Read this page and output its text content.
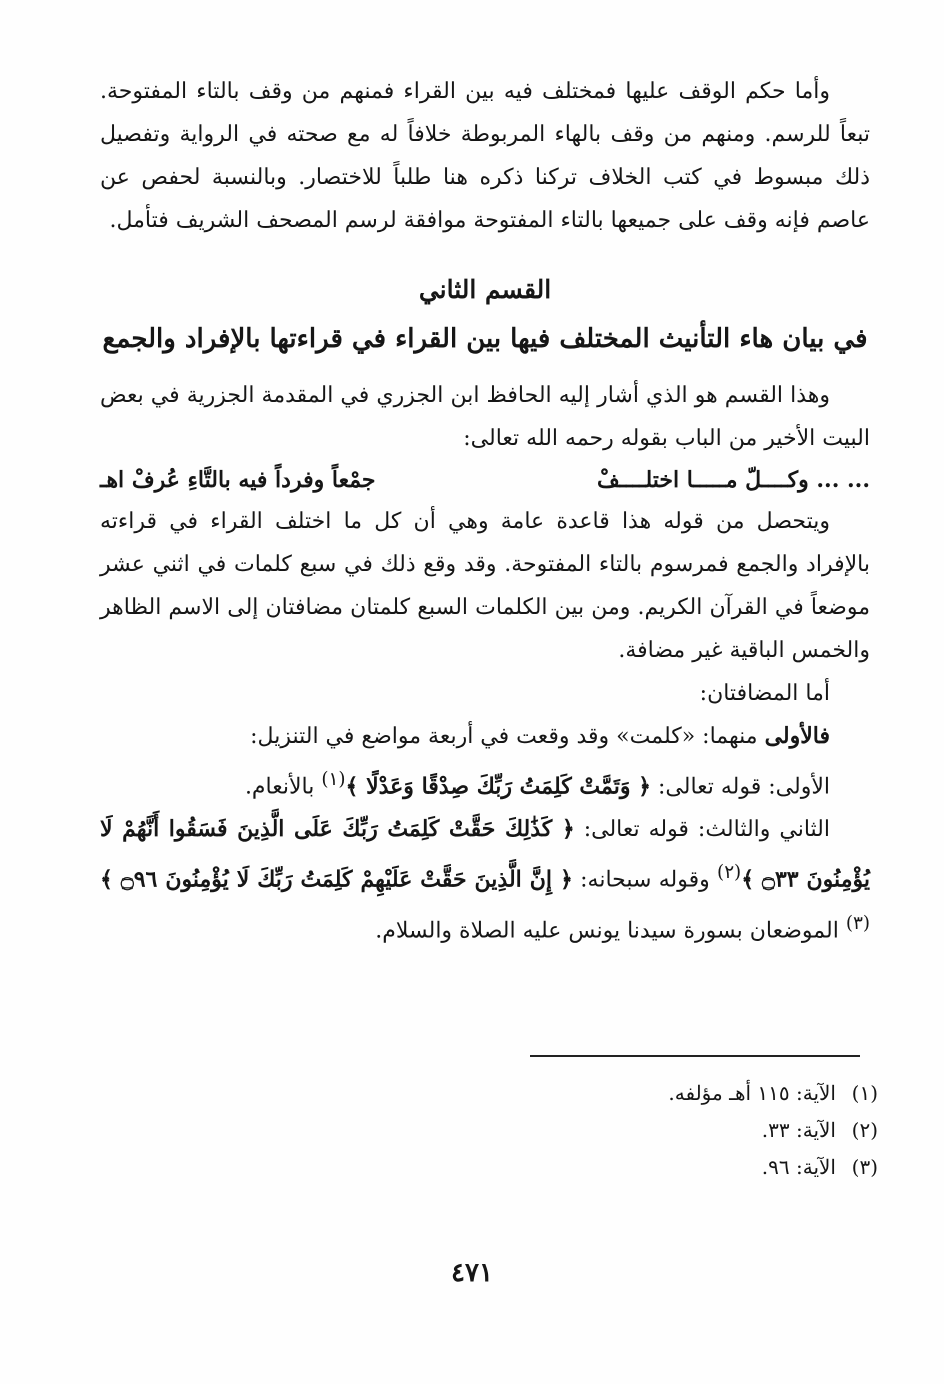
وأما حكم الوقف عليها فمختلف فيه بين القراء فمنهم من وقف بالتاء المفتوحة. تبعاً للرسم. ومنهم من وقف بالهاء المربوطة خلافاً له مع صحته في الرواية وتفصيل ذلك مبسوط في كتب الخلاف تركنا ذكره هنا طلباً للاختصار. وبالنسبة لحفص عن عاصم فإنه وقف على جميعها بالتاء المفتوحة موافقة لرسم المصحف الشريف فتأمل.

القسم الثاني
في بيان هاء التأنيث المختلف فيها بين القراء في قراءتها بالإفراد والجمع

وهذا القسم هو الذي أشار إليه الحافظ ابن الجزري في المقدمة الجزرية في بعض البيت الأخير من الباب بقوله رحمه الله تعالى:

... ... وكــــلّ مـــــا اختلــــفْ
جمْعاً وفرداً فيه بالتَّاءِ عُرفْ اهـ

ويتحصل من قوله هذا قاعدة عامة وهي أن كل ما اختلف القراء في قراءته بالإفراد والجمع فمرسوم بالتاء المفتوحة. وقد وقع ذلك في سبع كلمات في اثني عشر موضعاً في القرآن الكريم. ومن بين الكلمات السبع كلمتان مضافتان إلى الاسم الظاهر والخمس الباقية غير مضافة.

أما المضافتان:

فالأولى منهما: «كلمت» وقد وقعت في أربعة مواضع في التنزيل:

الأولى: قوله تعالى: ﴿ وَتَمَّتْ كَلِمَتُ رَبِّكَ صِدْقًا وَعَدْلًا ﴾$^{(١)}$ بالأنعام.

الثاني والثالث: قوله تعالى: ﴿ كَذَٰلِكَ حَقَّتْ كَلِمَتُ رَبِّكَ عَلَى الَّذِينَ فَسَقُوا أَنَّهُمْ لَا يُؤْمِنُونَ ۝٣٣ ﴾$^{(٢)}$ وقوله سبحانه: ﴿ إِنَّ الَّذِينَ حَقَّتْ عَلَيْهِمْ كَلِمَتُ رَبِّكَ لَا يُؤْمِنُونَ ۝٩٦ ﴾$^{(٣)}$ الموضعان بسورة سيدنا يونس عليه الصلاة والسلام.

(١)الآية: ١١٥ أهـ مؤلفه.
(٢)الآية: ٣٣.
(٣)الآية: ٩٦.
٤٧١
